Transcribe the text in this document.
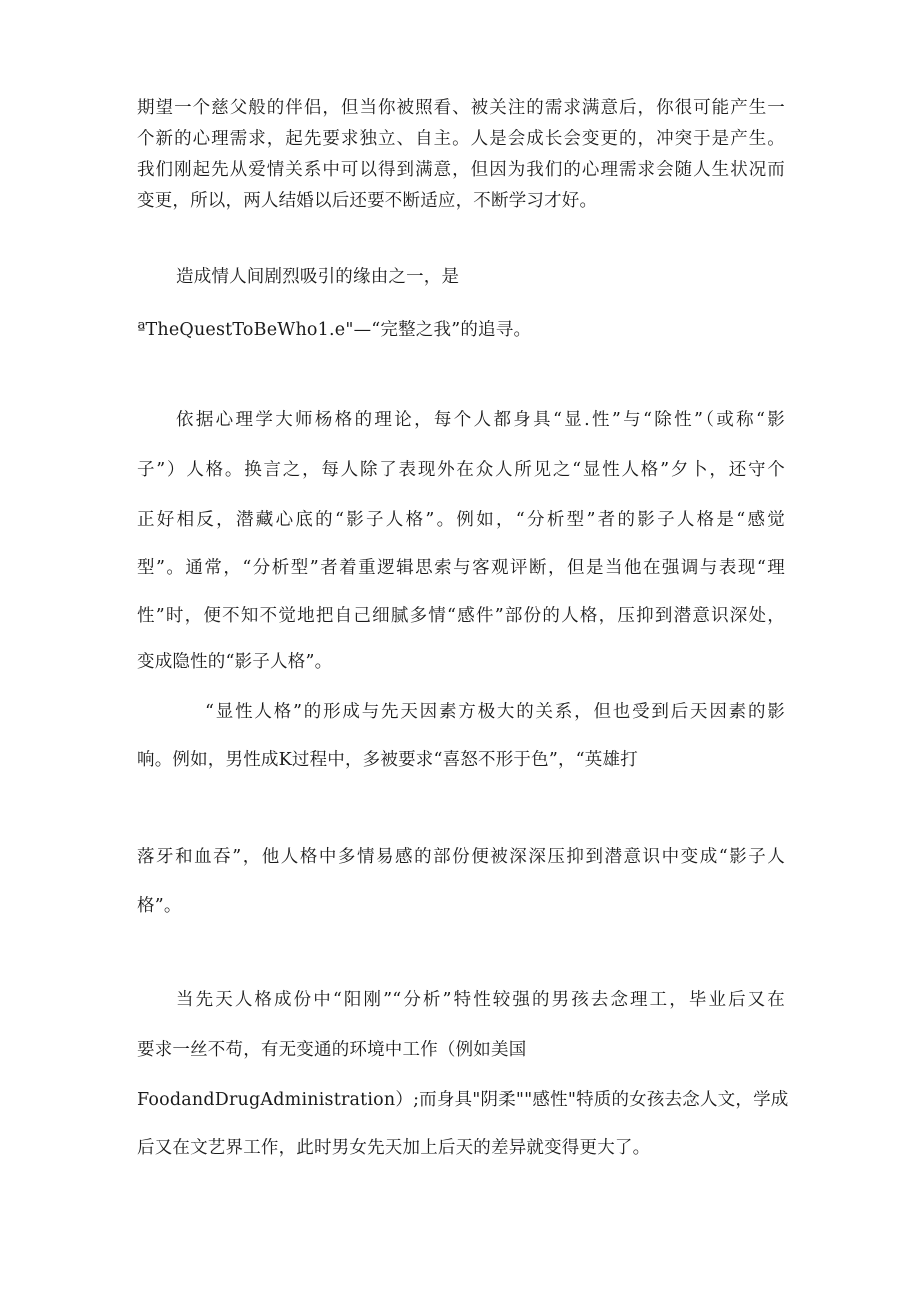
期望一个慈父般的伴侣，但当你被照看、被关注的需求满意后，你很可能产生一
个新的心理需求，起先要求独立、自主。人是会成长会变更的，冲突于是产生。
我们刚起先从爱情关系中可以得到满意，但因为我们的心理需求会随人生状况而
变更，所以，两人结婚以后还要不断适应，不断学习才好。
造成情人间剧烈吸引的缘由之一，是
ªTheQuestToBeWho1.e"—“完整之我”的追寻。
依据心理学大师杨格的理论，每个人都身具“显.性”与“除性”（或称“影
子”）人格。换言之，每人除了表现外在众人所见之“显性人格”夕卜，还守个
正好相反，潜藏心底的“影子人格”。例如，“分析型”者的影子人格是“感觉
型”。通常，“分析型”者着重逻辑思索与客观评断，但是当他在强调与表现“理
性”时，便不知不觉地把自己细腻多情“感件”部份的人格，压抑到潜意识深处，
变成隐性的“影子人格”。
“显性人格”的形成与先天因素方极大的关系，但也受到后天因素的影
响。例如，男性成K过程中，多被要求“喜怒不形于色”，“英雄打
落牙和血吞”，他人格中多情易感的部份便被深深压抑到潜意识中变成“影子人
格”。
当先天人格成份中“阳刚”“分析”特性较强的男孩去念理工，毕业后又在
要求一丝不苟，有无变通的环境中工作（例如美国
FoodandDrugAdministration）;而身具"阴柔""感性"特质的女孩去念人文，学成
后又在文艺界工作，此时男女先天加上后天的差异就变得更大了。
